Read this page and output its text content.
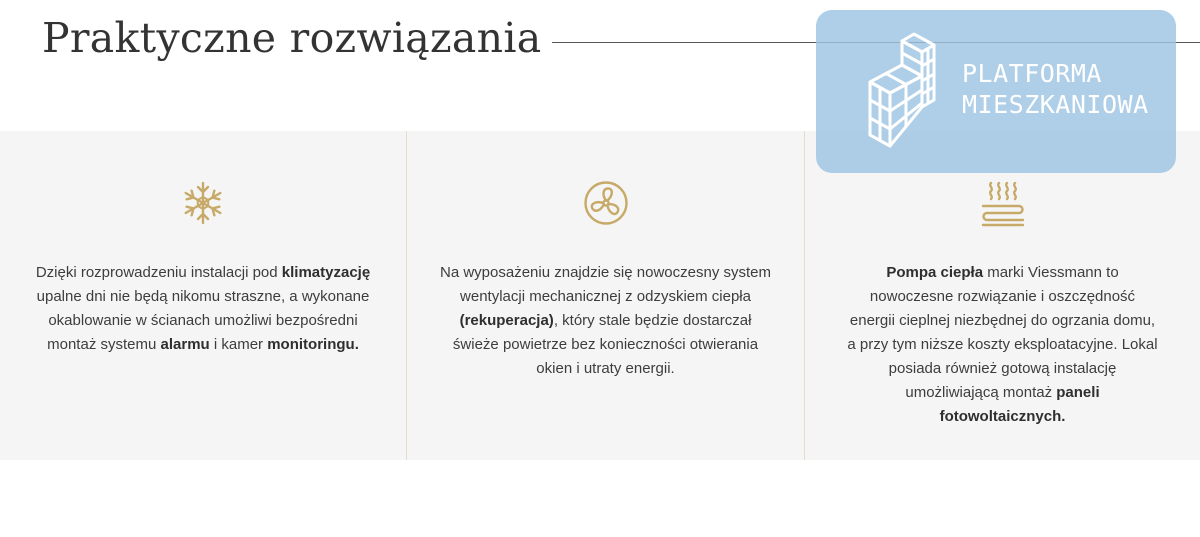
Praktyczne rozwiązania

Dzięki rozprowadzeniu instalacji pod klimatyzację upalne dni nie będą nikomu straszne, a wykonane okablowanie w ścianach umożliwi bezpośredni montaż systemu alarmu i kamer monitoringu.

Na wyposażeniu znajdzie się nowoczesny system wentylacji mechanicznej z odzyskiem ciepła (rekuperacja), który stale będzie dostarczał świeże powietrze bez konieczności otwierania okien i utraty energii.

Pompa ciepła marki Viessmann to nowoczesne rozwiązanie i oszczędność energii cieplnej niezbędnej do ogrzania domu, a przy tym niższe koszty eksploatacyjne. Lokal posiada również gotową instalację umożliwiającą montaż paneli fotowoltaicznych.

PLATFORMA
MIESZKANIOWA
